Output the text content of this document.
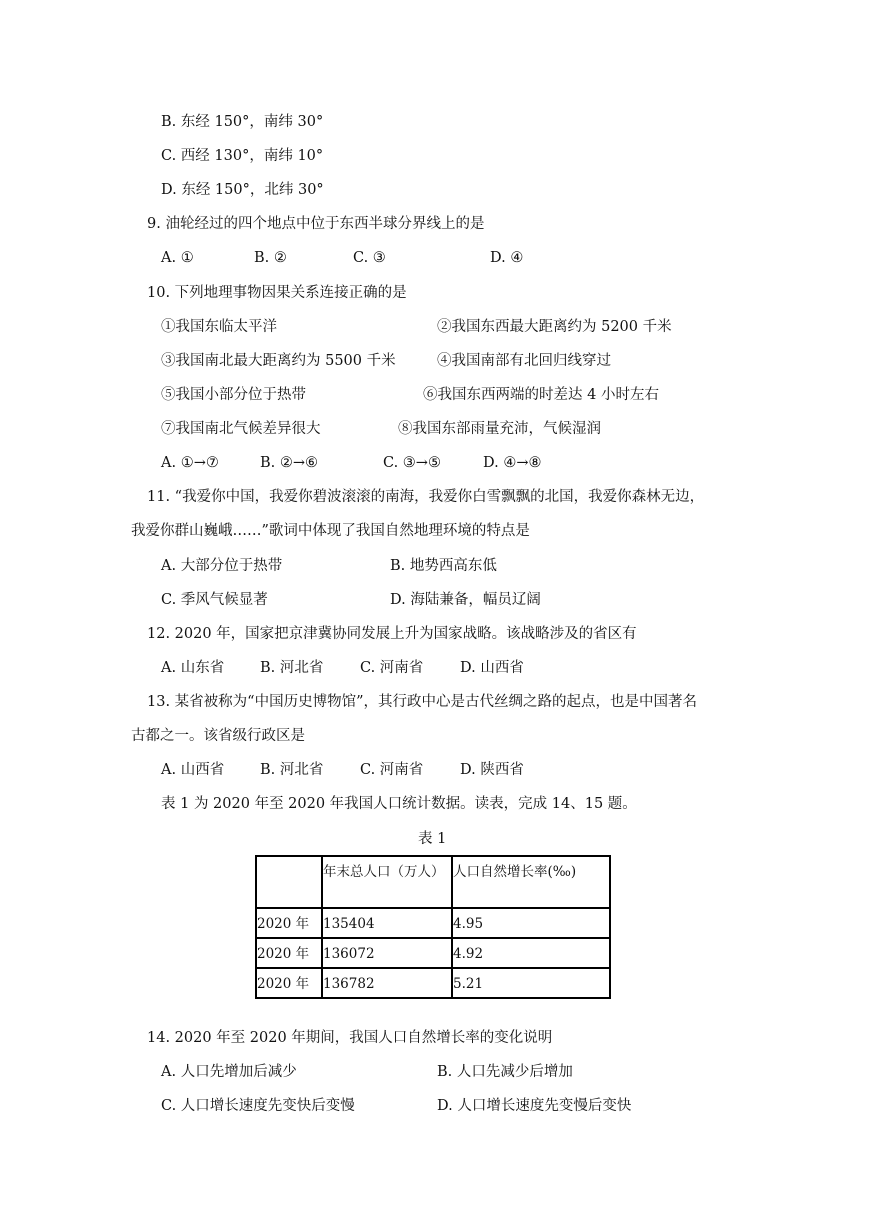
B. 东经 150°，南纬 30°
C. 西经 130°，南纬 10°
D. 东经 150°，北纬 30°
9. 油轮经过的四个地点中位于东西半球分界线上的是
A. ①	B. ②	C. ③	D. ④
10. 下列地理事物因果关系连接正确的是
①我国东临太平洋	②我国东西最大距离约为 5200 千米
③我国南北最大距离约为 5500 千米	④我国南部有北回归线穿过
⑤我国小部分位于热带	⑥我国东西两端的时差达 4 小时左右
⑦我国南北气候差异很大	⑧我国东部雨量充沛，气候湿润
A. ①→⑦	B. ②→⑥	C. ③→⑤	D. ④→⑧
11. “我爱你中国，我爱你碧波滚滚的南海，我爱你白雪飘飘的北国，我爱你森林无边，
我爱你群山巍峨……”歌词中体现了我国自然地理环境的特点是
A. 大部分位于热带	B. 地势西高东低
C. 季风气候显著	D. 海陆兼备，幅员辽阔
12. 2020 年，国家把京津冀协同发展上升为国家战略。该战略涉及的省区有
A. 山东省 B. 河北省	C. 河南省	D. 山西省
13. 某省被称为“中国历史博物馆”，其行政中心是古代丝绸之路的起点，也是中国著名
古都之一。该省级行政区是
A. 山西省 B. 河北省	C. 河南省	D. 陕西省
表 1 为 2020 年至 2020 年我国人口统计数据。读表，完成 14、15 题。
表 1
	年末总人口（万人）	人口自然增长率(‰)
2020 年	135404	4.95
2020 年	136072	4.92
2020 年	136782	5.21
14. 2020 年至 2020 年期间，我国人口自然增长率的变化说明
A. 人口先增加后减少	B. 人口先减少后增加
C. 人口增长速度先变快后变慢	D. 人口增长速度先变慢后变快
